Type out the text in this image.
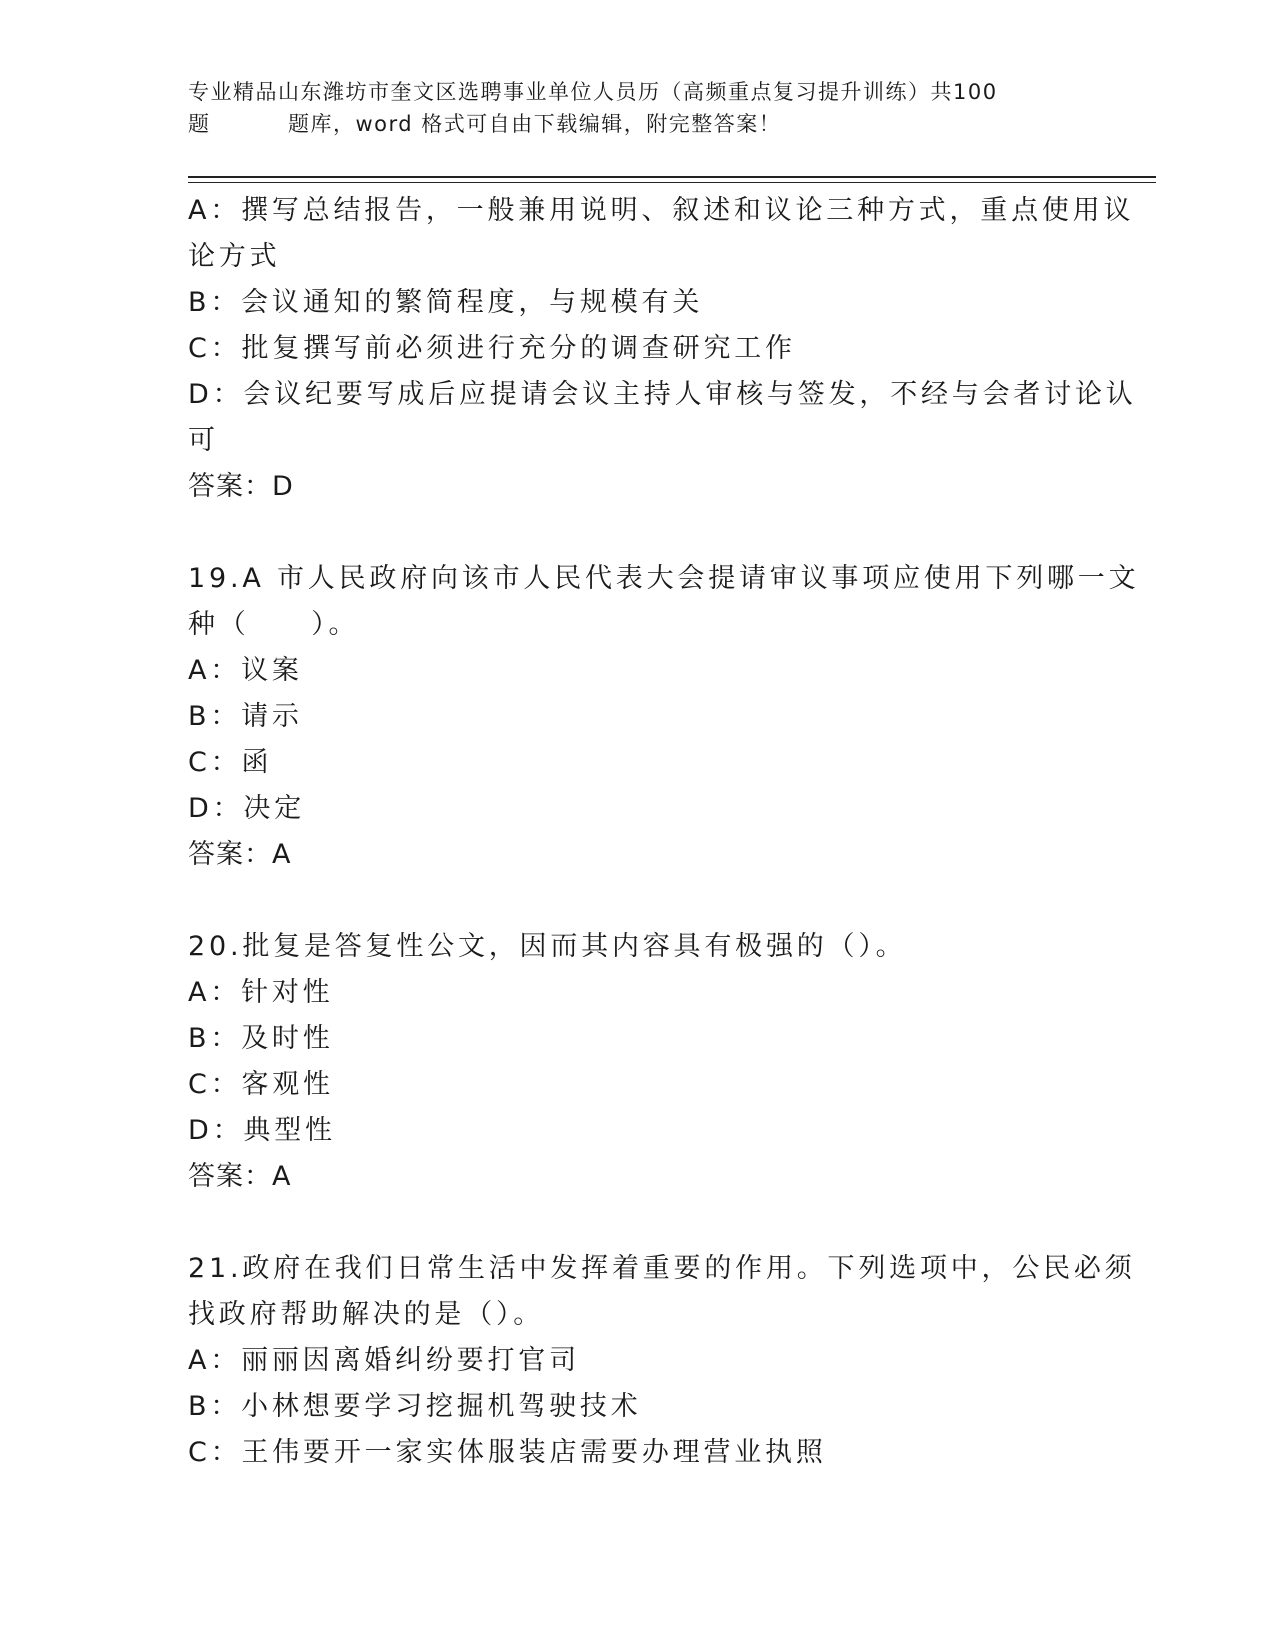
专业精品山东潍坊市奎文区选聘事业单位人员历（高频重点复习提升训练）共100
题	题库，word 格式可自由下载编辑，附完整答案！
A：撰写总结报告，一般兼用说明、叙述和议论三种方式，重点使用议
论方式
B：会议通知的繁简程度，与规模有关
C：批复撰写前必须进行充分的调查研究工作
D：会议纪要写成后应提请会议主持人审核与签发，不经与会者讨论认
可
答案：D
19.A 市人民政府向该市人民代表大会提请审议事项应使用下列哪一文
种（　　）。
A：议案
B：请示
C：函
D：决定
答案：A
20.批复是答复性公文，因而其内容具有极强的（）。
A：针对性
B：及时性
C：客观性
D：典型性
答案：A
21.政府在我们日常生活中发挥着重要的作用。下列选项中，公民必须
找政府帮助解决的是（）。
A：丽丽因离婚纠纷要打官司
B：小林想要学习挖掘机驾驶技术
C：王伟要开一家实体服装店需要办理营业执照
